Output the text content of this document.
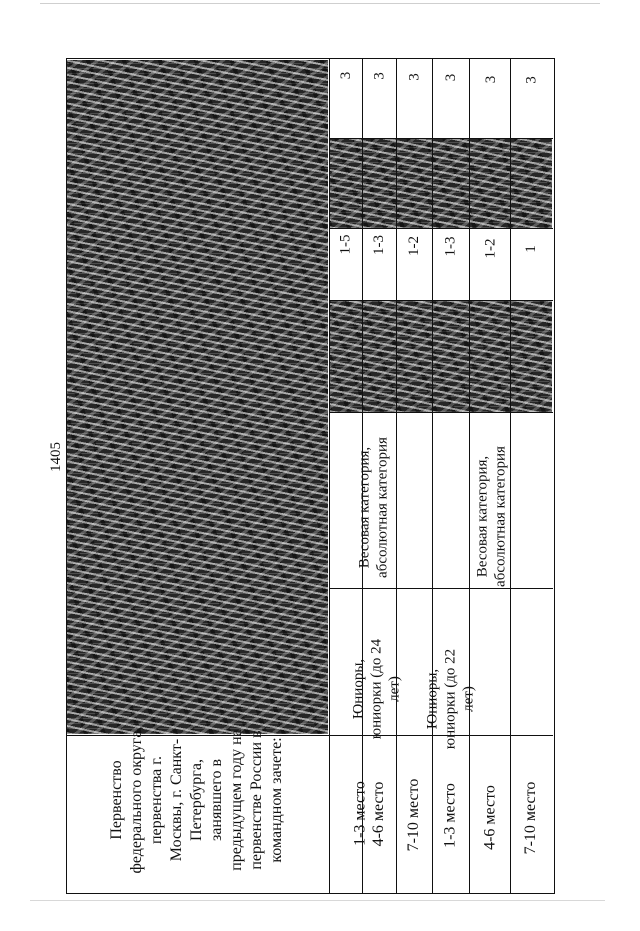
1405
Первенство федерального округа, первенства г. Москвы, г. Санкт-Петербурга, занявшего в предыдущем году на первенстве России в командном зачете:	1-3 место 4-6 место 7-10 место 1-3 место 4-6 место 7-10 место
Юниоры, юниорки (до 24 лет) Юниоры, юниорки (до 22 лет)
Весовая категория, абсолютная категория	Весовая категория, абсолютная категория
1-5 1-3 1-2 1-3 1-2 1
3 3 3 3 3 3
